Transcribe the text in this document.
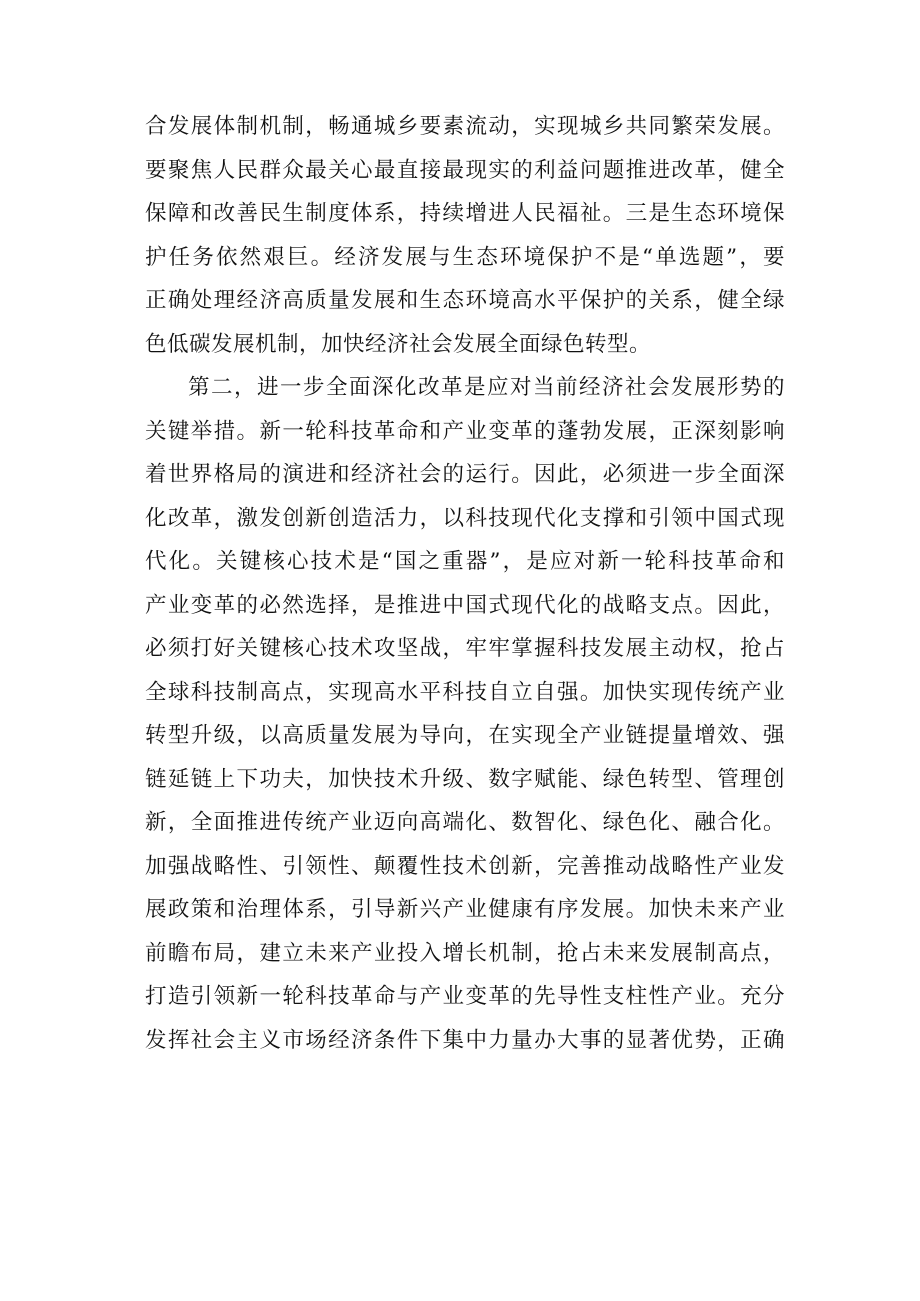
合发展体制机制，畅通城乡要素流动，实现城乡共同繁荣发展。
要聚焦人民群众最关心最直接最现实的利益问题推进改革，健全
保障和改善民生制度体系，持续增进人民福祉。三是生态环境保
护任务依然艰巨。经济发展与生态环境保护不是“单选题”，要
正确处理经济高质量发展和生态环境高水平保护的关系，健全绿
色低碳发展机制，加快经济社会发展全面绿色转型。
第二，进一步全面深化改革是应对当前经济社会发展形势的
关键举措。新一轮科技革命和产业变革的蓬勃发展，正深刻影响
着世界格局的演进和经济社会的运行。因此，必须进一步全面深
化改革，激发创新创造活力，以科技现代化支撑和引领中国式现
代化。关键核心技术是“国之重器”，是应对新一轮科技革命和
产业变革的必然选择，是推进中国式现代化的战略支点。因此，
必须打好关键核心技术攻坚战，牢牢掌握科技发展主动权，抢占
全球科技制高点，实现高水平科技自立自强。加快实现传统产业
转型升级，以高质量发展为导向，在实现全产业链提量增效、强
链延链上下功夫，加快技术升级、数字赋能、绿色转型、管理创
新，全面推进传统产业迈向高端化、数智化、绿色化、融合化。
加强战略性、引领性、颠覆性技术创新，完善推动战略性产业发
展政策和治理体系，引导新兴产业健康有序发展。加快未来产业
前瞻布局，建立未来产业投入增长机制，抢占未来发展制高点，
打造引领新一轮科技革命与产业变革的先导性支柱性产业。充分
发挥社会主义市场经济条件下集中力量办大事的显著优势，正确
